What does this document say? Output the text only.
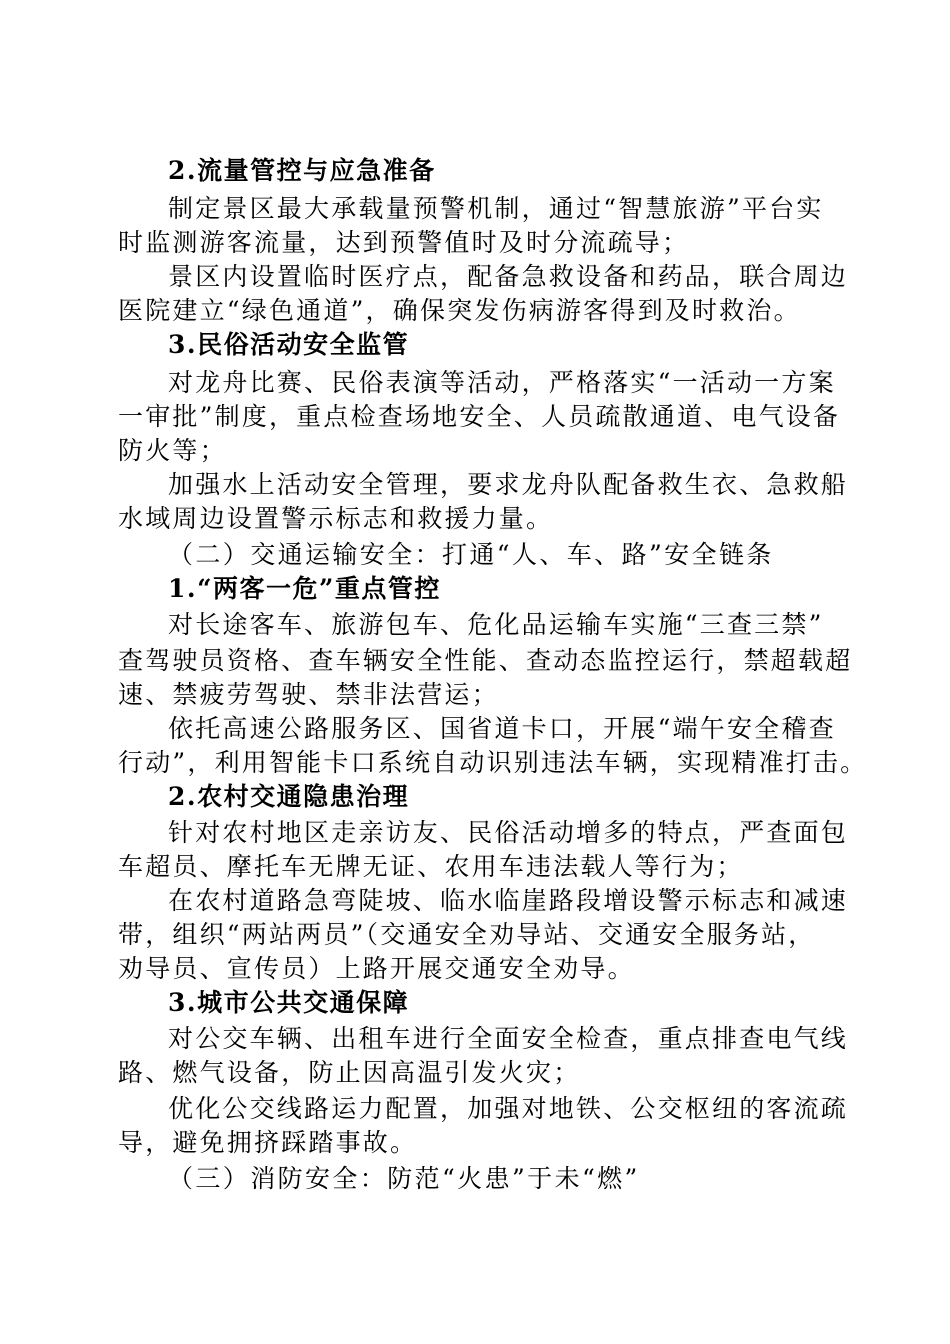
2.流量管控与应急准备
制定景区最大承载量预警机制，通过“智慧旅游”平台实
时监测游客流量，达到预警值时及时分流疏导；
景区内设置临时医疗点，配备急救设备和药品，联合周边
医院建立“绿色通道”，确保突发伤病游客得到及时救治。
3.民俗活动安全监管
对龙舟比赛、民俗表演等活动，严格落实“一活动一方案
一审批”制度，重点检查场地安全、人员疏散通道、电气设备
防火等；
加强水上活动安全管理，要求龙舟队配备救生衣、急救船
水域周边设置警示标志和救援力量。
（二）交通运输安全：打通“人、车、路”安全链条
1.“两客一危”重点管控
对长途客车、旅游包车、危化品运输车实施“三查三禁”
查驾驶员资格、查车辆安全性能、查动态监控运行，禁超载超
速、禁疲劳驾驶、禁非法营运；
依托高速公路服务区、国省道卡口，开展“端午安全稽查
行动”，利用智能卡口系统自动识别违法车辆，实现精准打击。
2.农村交通隐患治理
针对农村地区走亲访友、民俗活动增多的特点，严查面包
车超员、摩托车无牌无证、农用车违法载人等行为；
在农村道路急弯陡坡、临水临崖路段增设警示标志和减速
带，组织“两站两员”（交通安全劝导站、交通安全服务站，
劝导员、宣传员）上路开展交通安全劝导。
3.城市公共交通保障
对公交车辆、出租车进行全面安全检查，重点排查电气线
路、燃气设备，防止因高温引发火灾；
优化公交线路运力配置，加强对地铁、公交枢纽的客流疏
导，避免拥挤踩踏事故。
（三）消防安全：防范“火患”于未“燃”
